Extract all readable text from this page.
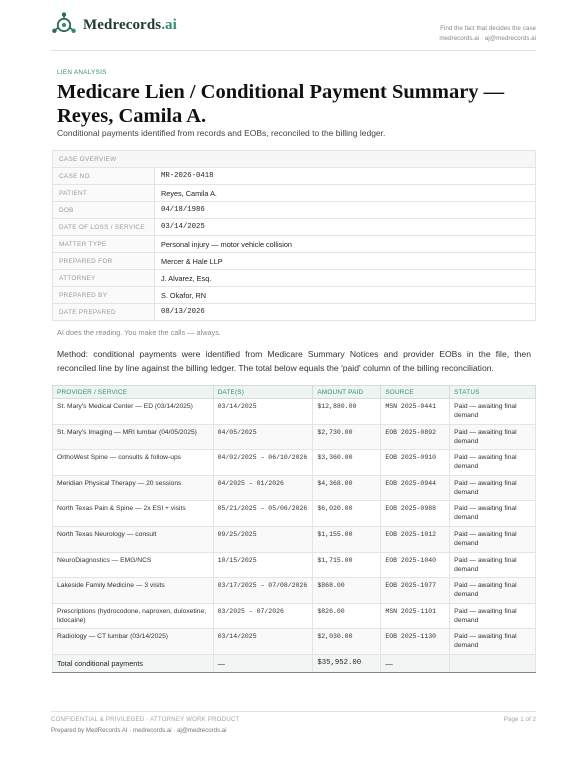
Medrecords.ai	Find the fact that decides the case
medrecords.ai · aj@medrecords.ai
LIEN ANALYSIS
Medicare Lien / Conditional Payment Summary — Reyes, Camila A.
Conditional payments identified from records and EOBs, reconciled to the billing ledger.
CASE OVERVIEW	
CASE NO.	MR-2026-0418
PATIENT	Reyes, Camila A.
DOB	04/18/1986
DATE OF LOSS / SERVICE	03/14/2025
MATTER TYPE	Personal injury — motor vehicle collision
PREPARED FOR	Mercer & Hale LLP
ATTORNEY	J. Alvarez, Esq.
PREPARED BY	S. Okafor, RN
DATE PREPARED	08/13/2026
AI does the reading. You make the calls — always.
Method: conditional payments were identified from Medicare Summary Notices and provider EOBs in the file, then reconciled line by line against the billing ledger. The total below equals the 'paid' column of the billing reconciliation.
PROVIDER / SERVICE	DATE(S)	AMOUNT PAID	SOURCE	STATUS
St. Mary's Medical Center — ED (03/14/2025)	03/14/2025	$12,880.00	MSN 2025-0441	Paid — awaiting final demand
St. Mary's Imaging — MRI lumbar (04/05/2025)	04/05/2025	$2,730.00	EOB 2025-0892	Paid — awaiting final demand
OrthoWest Spine — consults & follow-ups	04/02/2025 – 06/10/2026	$3,360.00	EOB 2025-0910	Paid — awaiting final demand
Meridian Physical Therapy — 20 sessions	04/2025 – 01/2026	$4,368.00	EOB 2025-0944	Paid — awaiting final demand
North Texas Pain & Spine — 2x ESI + visits	05/21/2025 – 05/06/2026	$6,020.00	EOB 2025-0988	Paid — awaiting final demand
North Texas Neurology — consult	09/25/2025	$1,155.00	EOB 2025-1012	Paid — awaiting final demand
NeuroDiagnostics — EMG/NCS	10/15/2025	$1,715.00	EOB 2025-1040	Paid — awaiting final demand
Lakeside Family Medicine — 3 visits	03/17/2025 – 07/08/2026	$868.00	EOB 2025-1077	Paid — awaiting final demand
Prescriptions (hydrocodone, naproxen, duloxetine, lidocaine)	03/2025 – 07/2026	$826.00	MSN 2025-1101	Paid — awaiting final demand
Radiology — CT lumbar (03/14/2025)	03/14/2025	$2,030.00	EOB 2025-1130	Paid — awaiting final demand
Total conditional payments	—	$35,952.00	—	
CONFIDENTIAL & PRIVILEGED · ATTORNEY WORK PRODUCT
Prepared by MedRecords AI · medrecords.ai · aj@medrecords.ai
Page 1 of 2
